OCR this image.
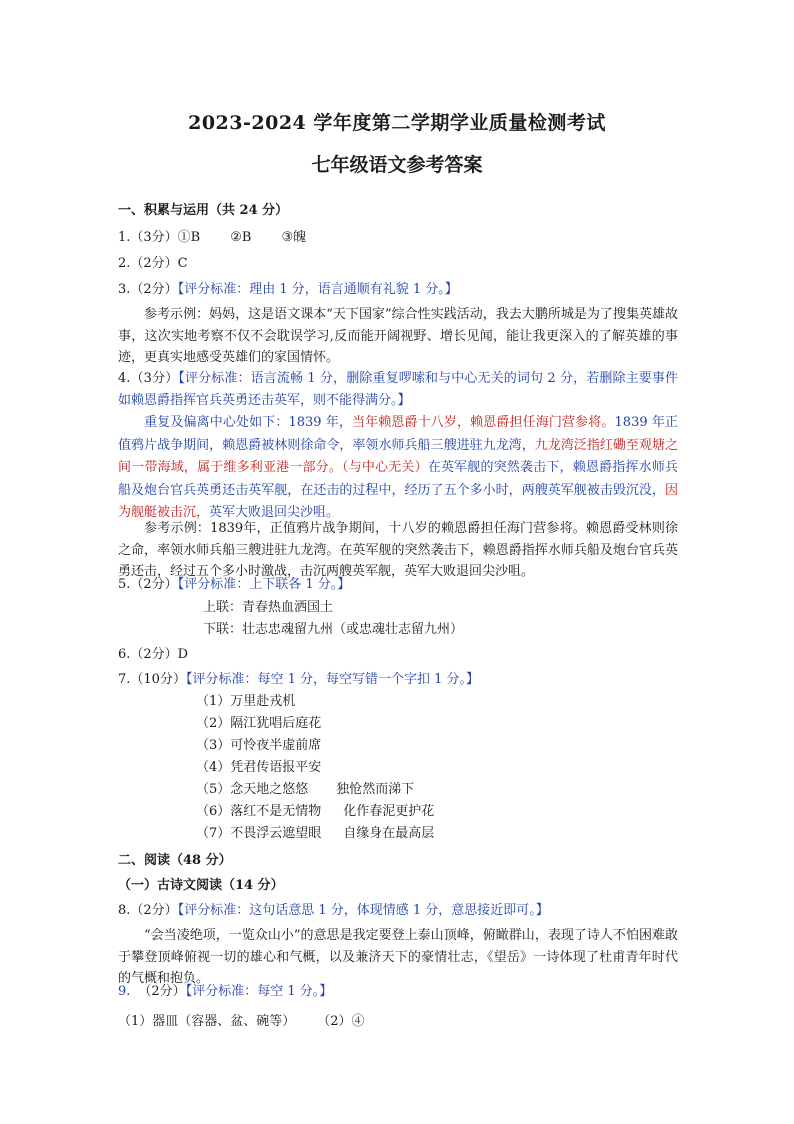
2023-2024 学年度第二学期学业质量检测考试
七年级语文参考答案
一、积累与运用（共 24 分）
1.（3分）①B ②B ③魄
2.（2分）C
3.（2分）【评分标准：理由 1 分，语言通顺有礼貌 1 分。】
参考示例：妈妈，这是语文课本“天下国家”综合性实践活动，我去大鹏所城是为了搜集英雄故事，这次实地考察不仅不会耽误学习,反而能开阔视野、增长见闻，能让我更深入的了解英雄的事迹，更真实地感受英雄们的家国情怀。
4.（3分）【评分标准：语言流畅 1 分，删除重复啰嗦和与中心无关的词句 2 分，若删除主要事件如赖恩爵指挥官兵英勇还击英军，则不能得满分。】
重复及偏离中心处如下：1839 年，当年赖恩爵十八岁，赖恩爵担任海门营参将。1839 年正值鸦片战争期间，赖恩爵被林则徐命令，率领水师兵船三艘进驻九龙湾，九龙湾泛指红磡至观塘之间一带海域，属于维多利亚港一部分。（与中心无关）在英军舰的突然袭击下，赖恩爵指挥水师兵船及炮台官兵英勇还击英军舰，在还击的过程中，经历了五个多小时，两艘英军舰被击毁沉没，因为舰艇被击沉，英军大败退回尖沙咀。
参考示例：1839年，正值鸦片战争期间，十八岁的赖恩爵担任海门营参将。赖恩爵受林则徐之命，率领水师兵船三艘进驻九龙湾。在英军舰的突然袭击下，赖恩爵指挥水师兵船及炮台官兵英勇还击，经过五个多小时激战，击沉两艘英军舰，英军大败退回尖沙咀。
5.（2分）【评分标准：上下联各 1 分。】
上联：青春热血洒国土
下联：壮志忠魂留九州（或忠魂壮志留九州）
6.（2分）D
7.（10分）【评分标准：每空 1 分，每空写错一个字扣 1 分。】
（1）万里赴戎机
（2）隔江犹唱后庭花
（3）可怜夜半虚前席
（4）凭君传语报平安
（5）念天地之悠悠 独怆然而涕下
（6）落红不是无情物 化作春泥更护花
（7）不畏浮云遮望眼 自缘身在最高层
二、阅读（48 分）
（一）古诗文阅读（14 分）
8.（2分）【评分标准：这句话意思 1 分，体现情感 1 分，意思接近即可。】
“会当凌绝项，一览众山小”的意思是我定要登上泰山顶峰，俯瞰群山，表现了诗人不怕困难敢于攀登顶峰俯视一切的雄心和气概，以及兼济天下的豪情壮志，《望岳》一诗体现了杜甫青年时代的气概和抱负。
9. （2分）【评分标准：每空 1 分。】
（1）器皿（容器、盆、碗等） （2）④
